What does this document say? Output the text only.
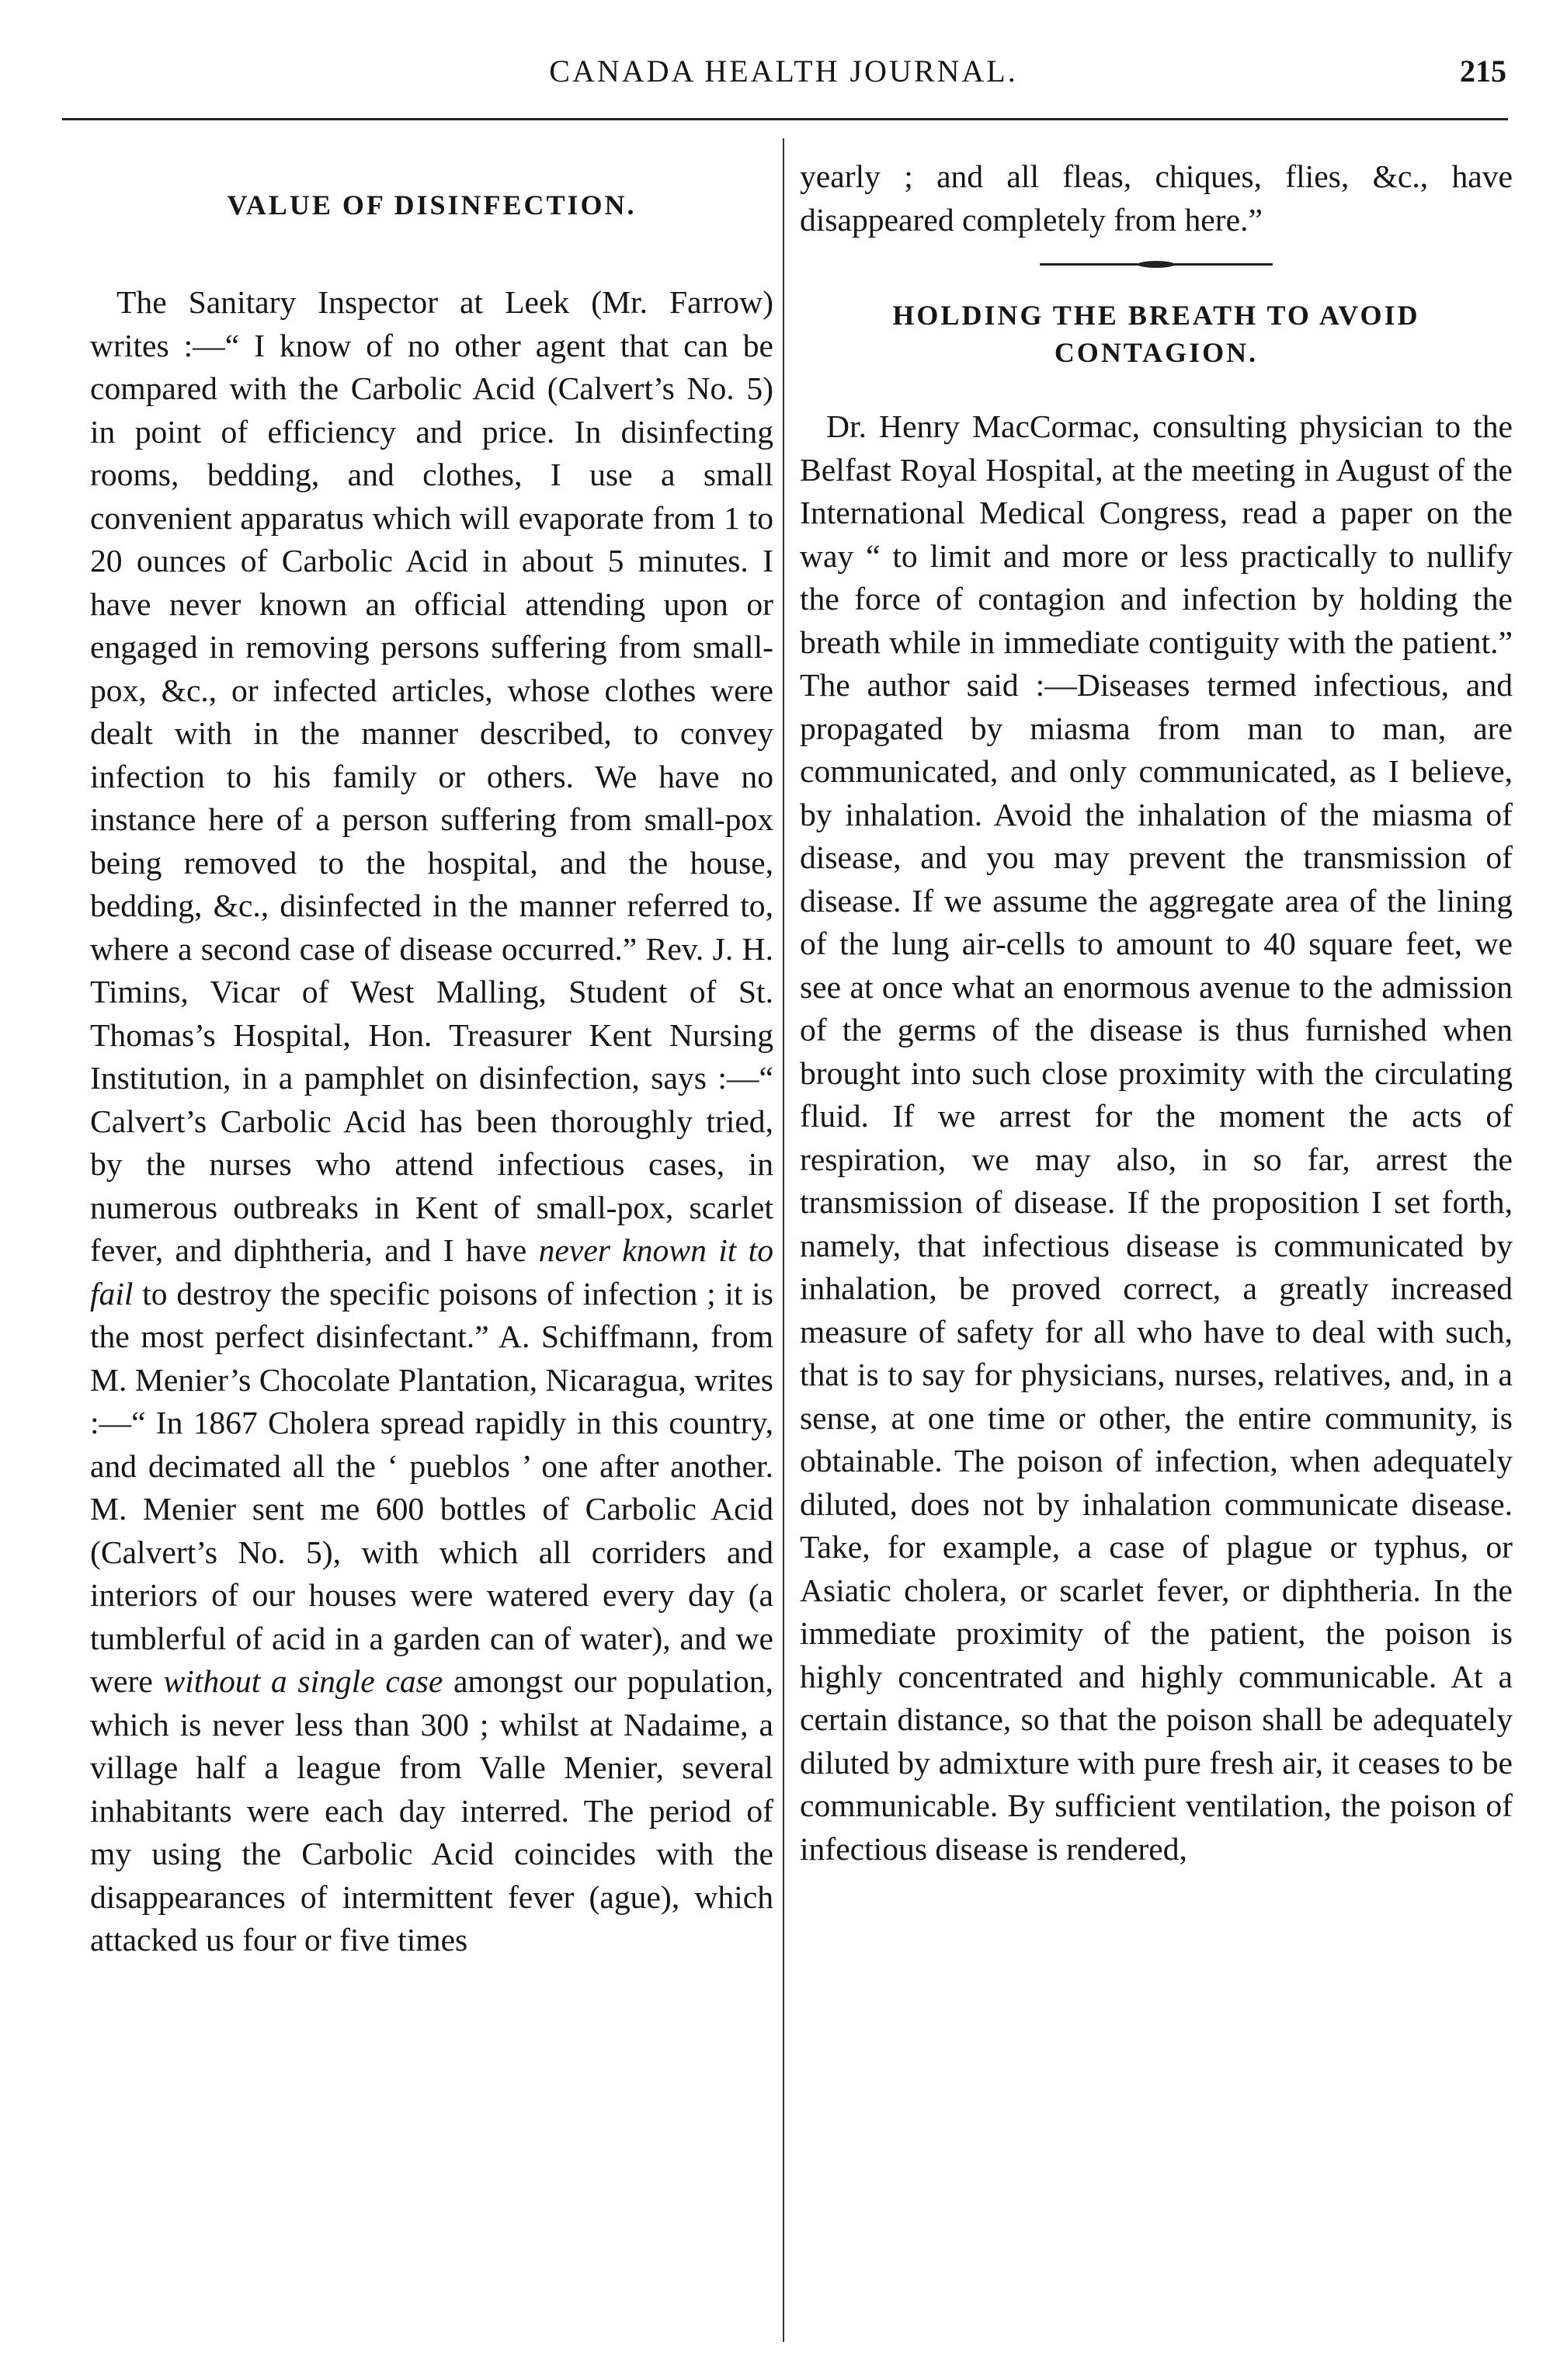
CANADA HEALTH JOURNAL.	215
VALUE OF DISINFECTION.

The Sanitary Inspector at Leek (Mr. Farrow) writes :—“ I know of no other agent that can be compared with the Carbolic Acid (Calvert’s No. 5) in point of efficiency and price. In disinfecting rooms, bedding, and clothes, I use a small convenient apparatus which will evaporate from 1 to 20 ounces of Carbolic Acid in about 5 minutes. I have never known an official attending upon or engaged in removing persons suffering from small-pox, &c., or infected articles, whose clothes were dealt with in the manner described, to convey infection to his family or others. We have no instance here of a person suffering from small-pox being removed to the hospital, and the house, bedding, &c., disinfected in the manner referred to, where a second case of disease occurred.” Rev. J. H. Timins, Vicar of West Malling, Student of St. Thomas’s Hospital, Hon. Treasurer Kent Nursing Institution, in a pamphlet on disinfection, says :—“ Calvert’s Carbolic Acid has been thoroughly tried, by the nurses who attend infectious cases, in numerous outbreaks in Kent of small-pox, scarlet fever, and diphtheria, and I have never known it to fail to destroy the specific poisons of infection ; it is the most perfect disinfectant.” A. Schiffmann, from M. Menier’s Chocolate Plantation, Nicaragua, writes :—“ In 1867 Cholera spread rapidly in this country, and decimated all the ‘ pueblos ’ one after another. M. Menier sent me 600 bottles of Carbolic Acid (Calvert’s No. 5), with which all corriders and interiors of our houses were watered every day (a tumblerful of acid in a garden can of water), and we were without a single case amongst our population, which is never less than 300 ; whilst at Nadaime, a village half a league from Valle Menier, several inhabitants were each day interred. The period of my using the Carbolic Acid coincides with the disappearances of intermittent fever (ague), which attacked us four or five times

yearly ; and all fleas, chiques, flies, &c., have disappeared completely from here.”

HOLDING THE BREATH TO AVOID CONTAGION.

Dr. Henry MacCormac, consulting physician to the Belfast Royal Hospital, at the meeting in August of the International Medical Congress, read a paper on the way “ to limit and more or less practically to nullify the force of contagion and infection by holding the breath while in immediate contiguity with the patient.” The author said :—Diseases termed infectious, and propagated by miasma from man to man, are communicated, and only communicated, as I believe, by inhalation. Avoid the inhalation of the miasma of disease, and you may prevent the transmission of disease. If we assume the aggregate area of the lining of the lung air-cells to amount to 40 square feet, we see at once what an enormous avenue to the admission of the germs of the disease is thus furnished when brought into such close proximity with the circulating fluid. If we arrest for the moment the acts of respiration, we may also, in so far, arrest the transmission of disease. If the proposition I set forth, namely, that infectious disease is communicated by inhalation, be proved correct, a greatly increased measure of safety for all who have to deal with such, that is to say for physicians, nurses, relatives, and, in a sense, at one time or other, the entire community, is obtainable. The poison of infection, when adequately diluted, does not by inhalation communicate disease. Take, for example, a case of plague or typhus, or Asiatic cholera, or scarlet fever, or diphtheria. In the immediate proximity of the patient, the poison is highly concentrated and highly communicable. At a certain distance, so that the poison shall be adequately diluted by admixture with pure fresh air, it ceases to be communicable. By sufficient ventilation, the poison of infectious disease is rendered,
